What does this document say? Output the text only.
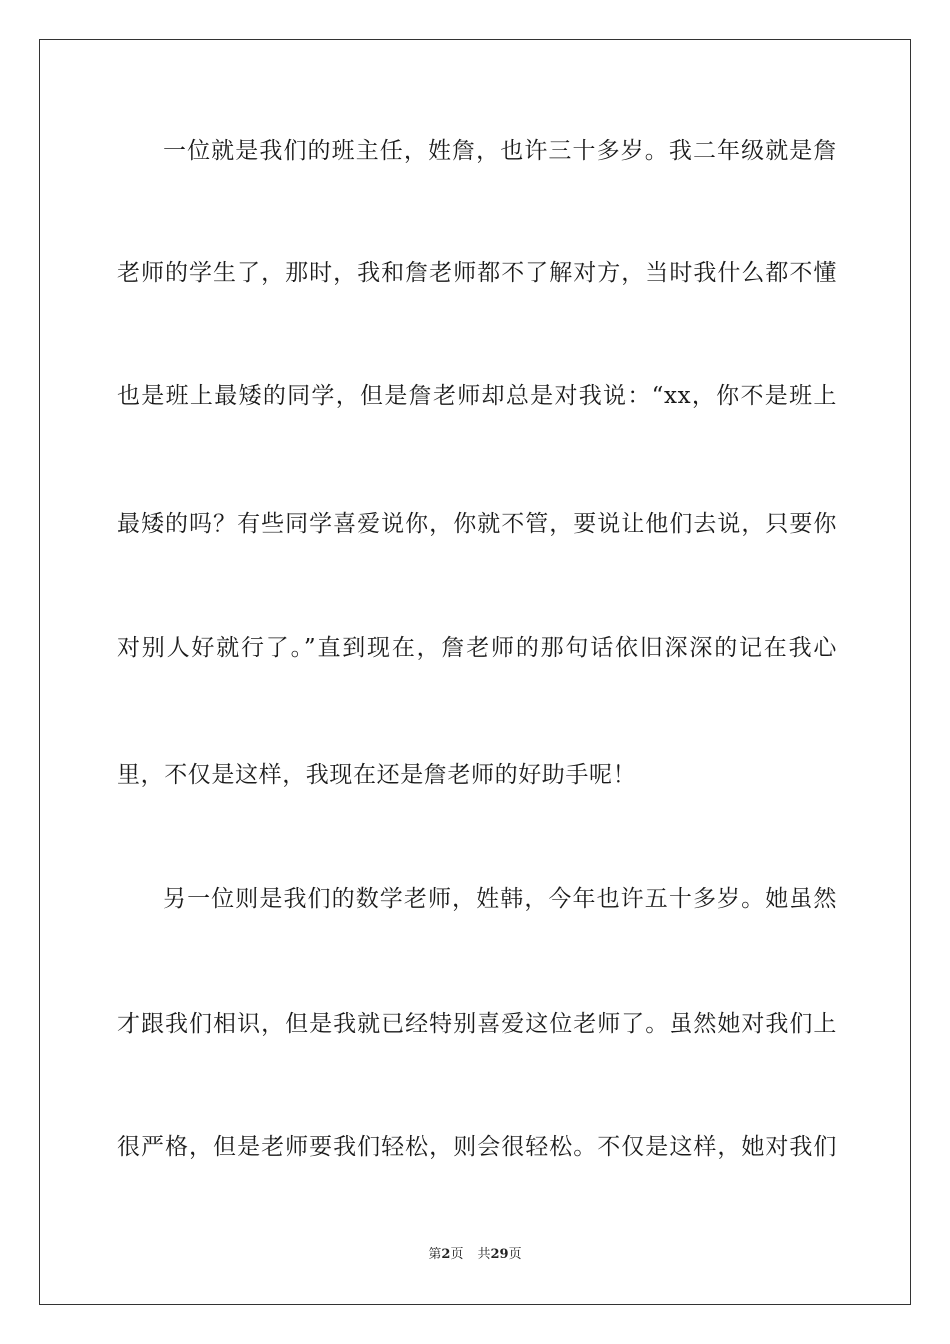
一位就是我们的班主任，姓詹，也许三十多岁。我二年级就是詹
老师的学生了，那时，我和詹老师都不了解对方，当时我什么都不懂
也是班上最矮的同学，但是詹老师却总是对我说：“xx，你不是班上
最矮的吗？有些同学喜爱说你，你就不管，要说让他们去说，只要你
对别人好就行了。”直到现在，詹老师的那句话依旧深深的记在我心
里，不仅是这样，我现在还是詹老师的好助手呢！
另一位则是我们的数学老师，姓韩，今年也许五十多岁。她虽然
才跟我们相识，但是我就已经特别喜爱这位老师了。虽然她对我们上
很严格，但是老师要我们轻松，则会很轻松。不仅是这样，她对我们
第2页 共29页
